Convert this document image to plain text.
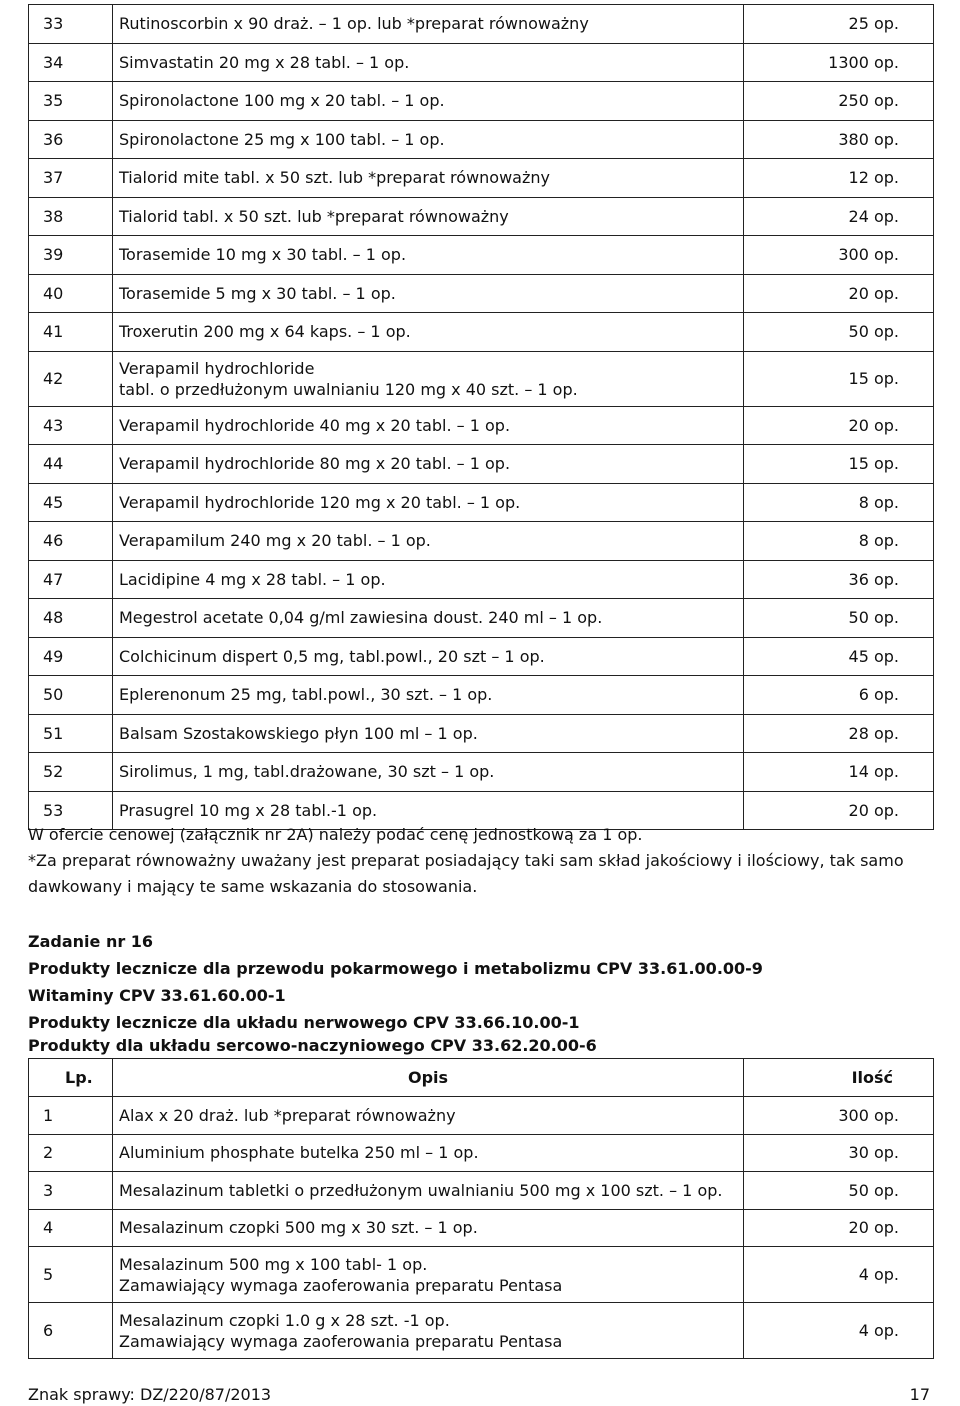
33	Rutinoscorbin x 90 draż. – 1 op. lub *preparat równoważny	25 op.
34	Simvastatin 20 mg x 28 tabl. – 1 op.	1300 op.
35	Spironolactone 100 mg x 20 tabl. – 1 op.	250 op.
36	Spironolactone 25 mg x 100 tabl. – 1 op.	380 op.
37	Tialorid mite tabl. x 50 szt. lub *preparat równoważny	12 op.
38	Tialorid tabl. x 50 szt. lub *preparat równoważny	24 op.
39	Torasemide 10 mg x 30 tabl. – 1 op.	300 op.
40	Torasemide 5 mg x 30 tabl. – 1 op.	20 op.
41	Troxerutin 200 mg x 64 kaps. – 1 op.	50 op.
42	Verapamil hydrochloride
tabl. o przedłużonym uwalnianiu 120 mg x 40 szt. – 1 op.	15 op.
43	Verapamil hydrochloride 40 mg x 20 tabl. – 1 op.	20 op.
44	Verapamil hydrochloride 80 mg x 20 tabl. – 1 op.	15 op.
45	Verapamil hydrochloride 120 mg x 20 tabl. – 1 op.	8 op.
46	Verapamilum 240 mg x 20 tabl. – 1 op.	8 op.
47	Lacidipine 4 mg x 28 tabl. – 1 op.	36 op.
48	Megestrol acetate 0,04 g/ml zawiesina doust. 240 ml – 1 op.	50 op.
49	Colchicinum dispert 0,5 mg, tabl.powl., 20 szt – 1 op.	45 op.
50	Eplerenonum 25 mg, tabl.powl., 30 szt. – 1 op.	6 op.
51	Balsam Szostakowskiego płyn 100 ml – 1 op.	28 op.
52	Sirolimus, 1 mg, tabl.drażowane, 30 szt – 1 op.	14 op.
53	Prasugrel 10 mg x 28 tabl.-1 op.	20 op.
W ofercie cenowej (załącznik nr 2A) należy podać cenę jednostkową za 1 op.
*Za preparat równoważny uważany jest preparat posiadający taki sam skład jakościowy i ilościowy, tak samo dawkowany i mający te same wskazania do stosowania.
Zadanie nr 16
Produkty lecznicze dla przewodu pokarmowego i metabolizmu CPV 33.61.00.00-9
Witaminy CPV 33.61.60.00-1
Produkty lecznicze dla układu nerwowego CPV 33.66.10.00-1
Produkty dla układu sercowo-naczyniowego CPV 33.62.20.00-6
Lp.	Opis	Ilość
1	Alax x 20 draż. lub *preparat równoważny	300 op.
2	Aluminium phosphate butelka 250 ml – 1 op.	30 op.
3	Mesalazinum tabletki o przedłużonym uwalnianiu 500 mg x 100 szt. – 1 op.	50 op.
4	Mesalazinum czopki 500 mg x 30 szt. – 1 op.	20 op.
5	Mesalazinum 500 mg x 100 tabl- 1 op.
Zamawiający wymaga zaoferowania preparatu Pentasa	4 op.
6	Mesalazinum czopki 1.0 g x 28 szt. -1 op.
Zamawiający wymaga zaoferowania preparatu Pentasa	4 op.
Znak sprawy: DZ/220/87/2013	17
